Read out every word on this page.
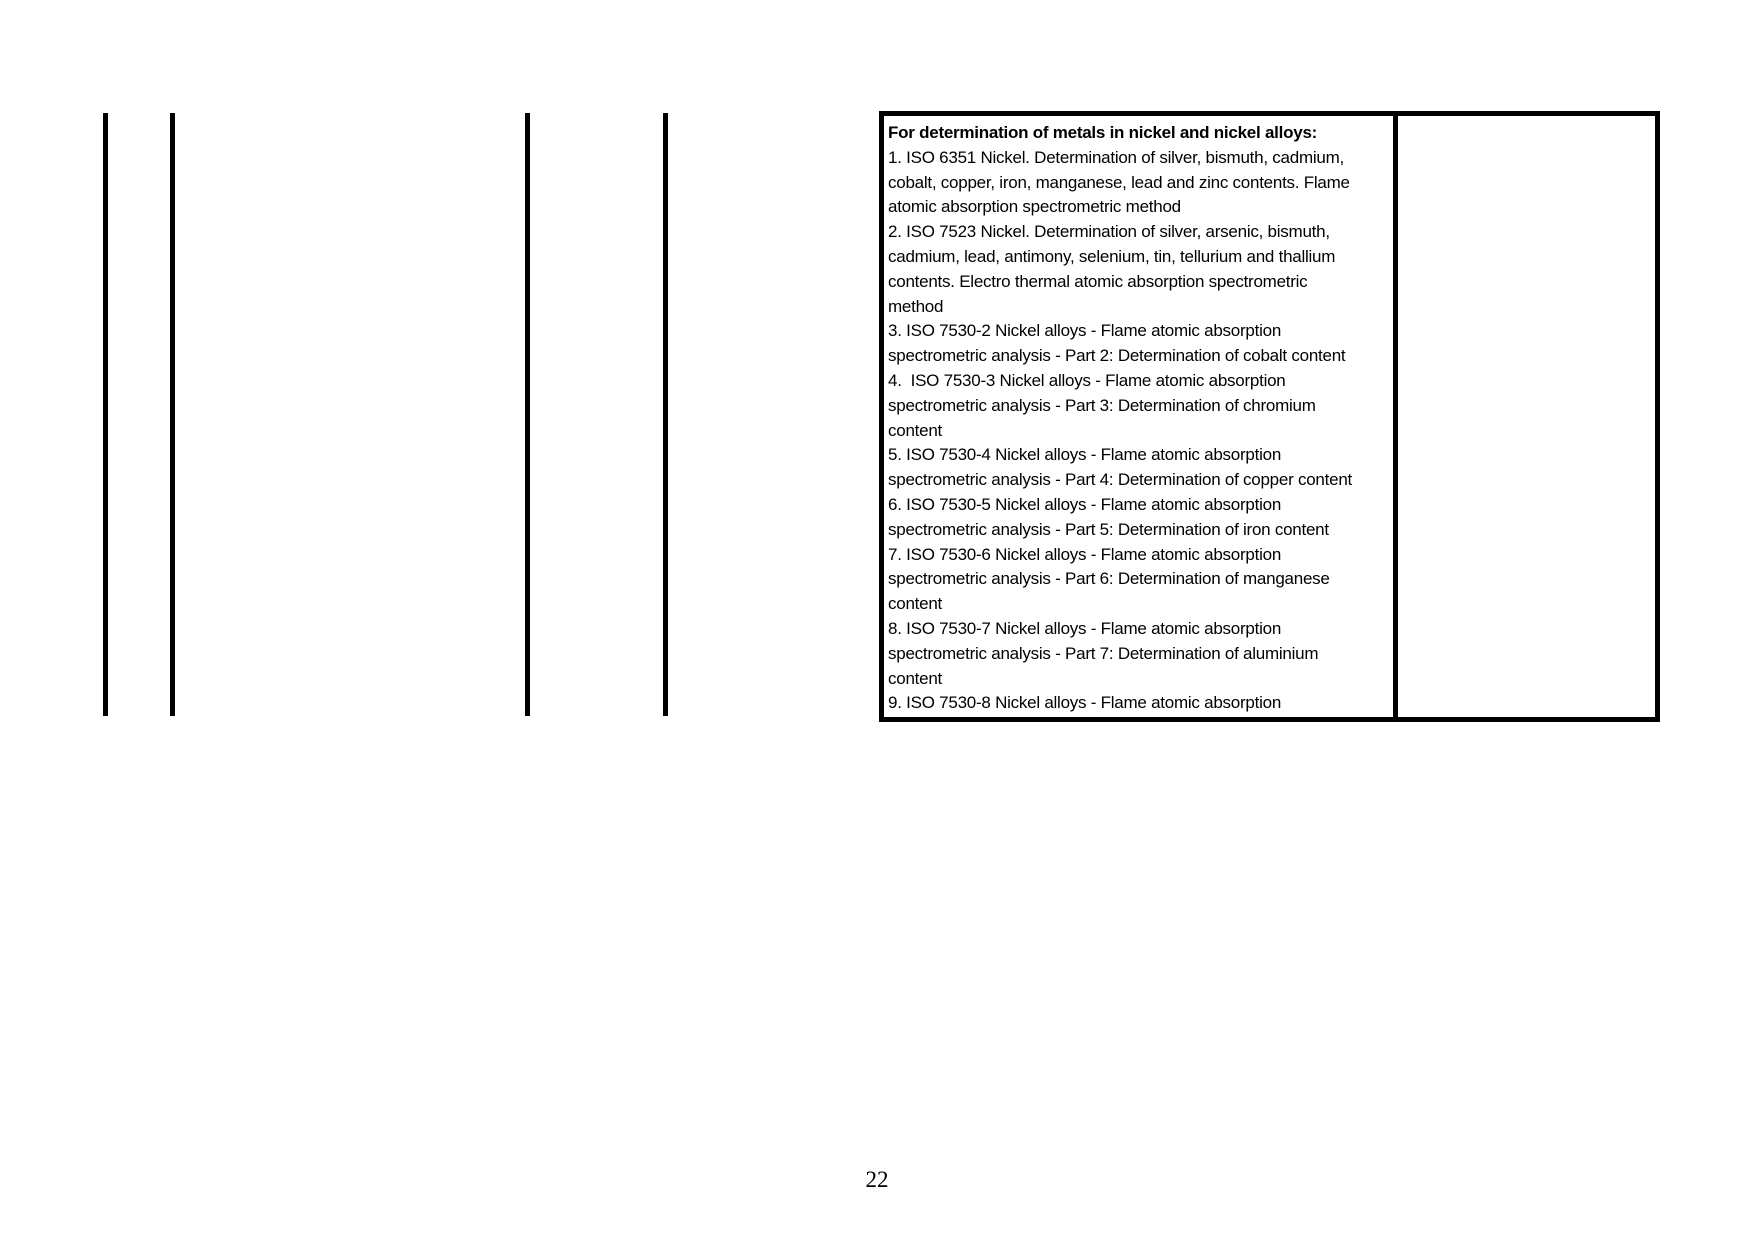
For determination of metals in nickel and nickel alloys:

1. ISO 6351 Nickel. Determination of silver, bismuth, cadmium,

cobalt, copper, iron, manganese, lead and zinc contents. Flame

atomic absorption spectrometric method

2. ISO 7523 Nickel. Determination of silver, arsenic, bismuth,

cadmium, lead, antimony, selenium, tin, tellurium and thallium

contents. Electro thermal atomic absorption spectrometric

method

3. ISO 7530-2 Nickel alloys - Flame atomic absorption

spectrometric analysis - Part 2: Determination of cobalt content

4.  ISO 7530-3 Nickel alloys - Flame atomic absorption

spectrometric analysis - Part 3: Determination of chromium

content

5. ISO 7530-4 Nickel alloys - Flame atomic absorption

spectrometric analysis - Part 4: Determination of copper content

6. ISO 7530-5 Nickel alloys - Flame atomic absorption

spectrometric analysis - Part 5: Determination of iron content

7. ISO 7530-6 Nickel alloys - Flame atomic absorption

spectrometric analysis - Part 6: Determination of manganese

content

8. ISO 7530-7 Nickel alloys - Flame atomic absorption

spectrometric analysis - Part 7: Determination of aluminium

content

9. ISO 7530-8 Nickel alloys - Flame atomic absorption

22
